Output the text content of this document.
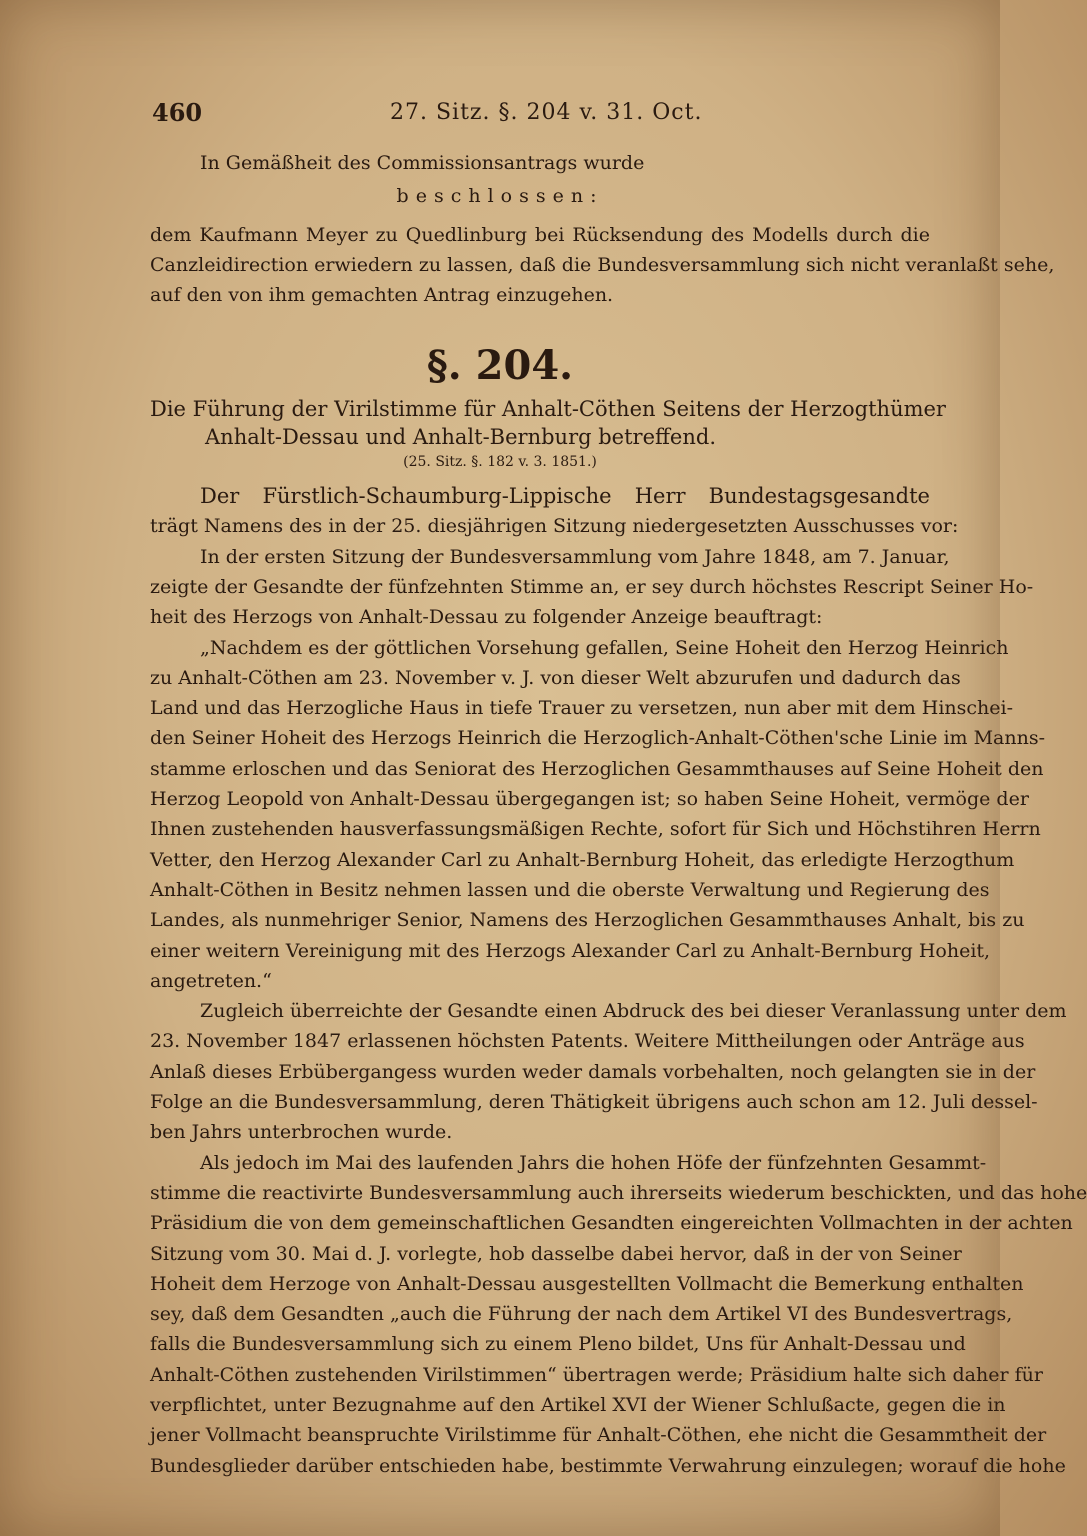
460	27. Sitz. §. 204 v. 31. Oct.
In Gemäßheit des Commissionsantrags wurde
beschlossen:
dem Kaufmann Meyer zu Quedlinburg bei Rücksendung des Modells durch die
Canzleidirection erwiedern zu lassen, daß die Bundesversammlung sich nicht veranlaßt sehe,
auf den von ihm gemachten Antrag einzugehen.
§. 204.
Die Führung der Virilstimme für Anhalt-Cöthen Seitens der Herzogthümer
Anhalt-Dessau und Anhalt-Bernburg betreffend.
(25. Sitz. §. 182 v. 3. 1851.)
Der Fürstlich-Schaumburg-Lippische Herr Bundestagsgesandte
trägt Namens des in der 25. diesjährigen Sitzung niedergesetzten Ausschusses vor:
In der ersten Sitzung der Bundesversammlung vom Jahre 1848, am 7. Januar,
zeigte der Gesandte der fünfzehnten Stimme an, er sey durch höchstes Rescript Seiner Ho-
heit des Herzogs von Anhalt-Dessau zu folgender Anzeige beauftragt:
„Nachdem es der göttlichen Vorsehung gefallen, Seine Hoheit den Herzog Heinrich
zu Anhalt-Cöthen am 23. November v. J. von dieser Welt abzurufen und dadurch das
Land und das Herzogliche Haus in tiefe Trauer zu versetzen, nun aber mit dem Hinschei-
den Seiner Hoheit des Herzogs Heinrich die Herzoglich-Anhalt-Cöthen'sche Linie im Manns-
stamme erloschen und das Seniorat des Herzoglichen Gesammthauses auf Seine Hoheit den
Herzog Leopold von Anhalt-Dessau übergegangen ist; so haben Seine Hoheit, vermöge der
Ihnen zustehenden hausverfassungsmäßigen Rechte, sofort für Sich und Höchstihren Herrn
Vetter, den Herzog Alexander Carl zu Anhalt-Bernburg Hoheit, das erledigte Herzogthum
Anhalt-Cöthen in Besitz nehmen lassen und die oberste Verwaltung und Regierung des
Landes, als nunmehriger Senior, Namens des Herzoglichen Gesammthauses Anhalt, bis zu
einer weitern Vereinigung mit des Herzogs Alexander Carl zu Anhalt-Bernburg Hoheit,
angetreten.“
Zugleich überreichte der Gesandte einen Abdruck des bei dieser Veranlassung unter dem
23. November 1847 erlassenen höchsten Patents. Weitere Mittheilungen oder Anträge aus
Anlaß dieses Erbübergangess wurden weder damals vorbehalten, noch gelangten sie in der
Folge an die Bundesversammlung, deren Thätigkeit übrigens auch schon am 12. Juli dessel-
ben Jahrs unterbrochen wurde.
Als jedoch im Mai des laufenden Jahrs die hohen Höfe der fünfzehnten Gesammt-
stimme die reactivirte Bundesversammlung auch ihrerseits wiederum beschickten, und das hohe
Präsidium die von dem gemeinschaftlichen Gesandten eingereichten Vollmachten in der achten
Sitzung vom 30. Mai d. J. vorlegte, hob dasselbe dabei hervor, daß in der von Seiner
Hoheit dem Herzoge von Anhalt-Dessau ausgestellten Vollmacht die Bemerkung enthalten
sey, daß dem Gesandten „auch die Führung der nach dem Artikel VI des Bundesvertrags,
falls die Bundesversammlung sich zu einem Pleno bildet, Uns für Anhalt-Dessau und
Anhalt-Cöthen zustehenden Virilstimmen“ übertragen werde; Präsidium halte sich daher für
verpflichtet, unter Bezugnahme auf den Artikel XVI der Wiener Schlußacte, gegen die in
jener Vollmacht beanspruchte Virilstimme für Anhalt-Cöthen, ehe nicht die Gesammtheit der
Bundesglieder darüber entschieden habe, bestimmte Verwahrung einzulegen; worauf die hohe
